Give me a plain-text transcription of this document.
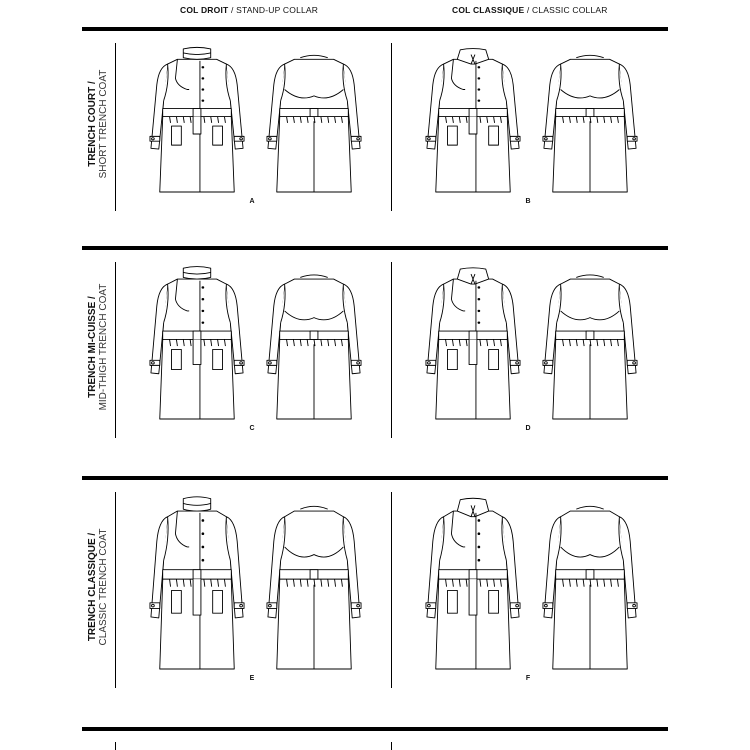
COL DROIT / STAND-UP COLLAR	COL CLASSIQUE / CLASSIC COLLAR
TRENCH COURT / SHORT TRENCH COAT
A	B
TRENCH MI-CUISSE / MID-THIGH TRENCH COAT
C	D
TRENCH CLASSIQUE / CLASSIC TRENCH COAT
E	F
